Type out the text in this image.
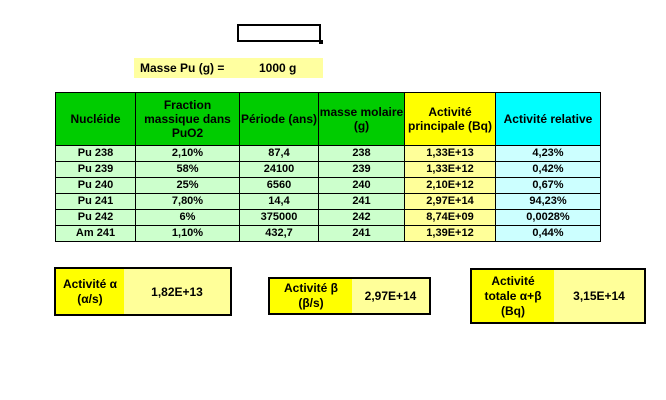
Masse Pu (g) =	1000 g
Nucléide	Fraction massique dans PuO2	Période (ans)	masse molaire (g)	Activité principale (Bq)	Activité relative
Pu 238	2,10%	87,4	238	1,33E+13	4,23%
Pu 239	58%	24100	239	1,33E+12	0,42%
Pu 240	25%	6560	240	2,10E+12	0,67%
Pu 241	7,80%	14,4	241	2,97E+14	94,23%
Pu 242	6%	375000	242	8,74E+09	0,0028%
Am 241	1,10%	432,7	241	1,39E+12	0,44%
Activité α
(α/s)	1,82E+13	Activité β
(β/s)	2,97E+14
Activité
totale α+β
(Bq)
3,15E+14
